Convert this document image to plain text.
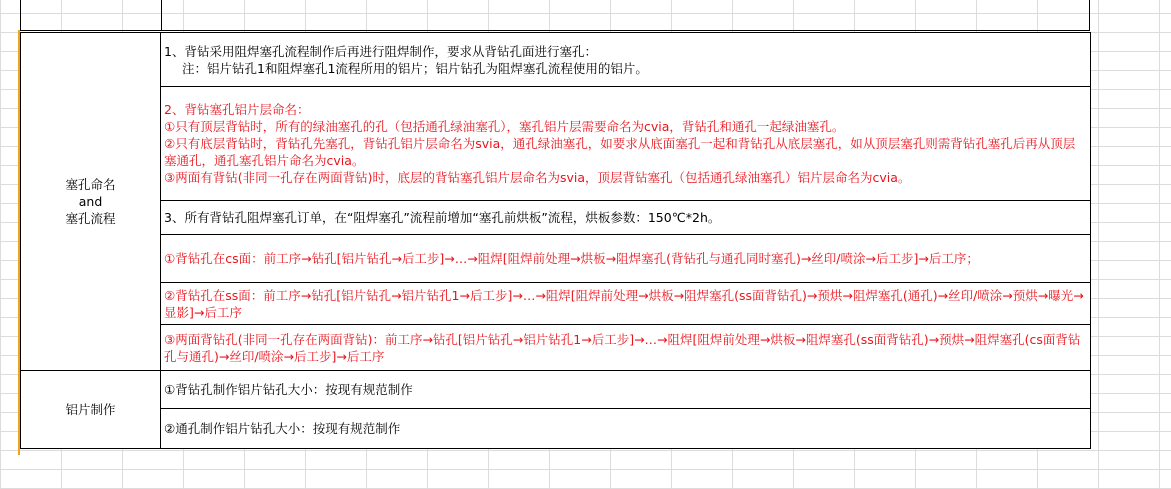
塞孔命名
and
塞孔流程	1、背钻采用阻焊塞孔流程制作后再进行阻焊制作，要求从背钻孔面进行塞孔：
注：铝片钻孔1和阻焊塞孔1流程所用的铝片；铝片钻孔为阻焊塞孔流程使用的铝片。

	2、背钻塞孔铝片层命名：
①只有顶层背钻时，所有的绿油塞孔的孔（包括通孔绿油塞孔），塞孔铝片层需要命名为cvia，背钻孔和通孔一起绿油塞孔。
②只有底层背钻时，背钻孔先塞孔，背钻孔铝片层命名为svia，通孔绿油塞孔，如要求从底面塞孔一起和背钻孔从底层塞孔，如从顶层塞孔则需背钻孔塞孔后再从顶层塞通孔，通孔塞孔铝片命名为cvia。
③两面有背钻(非同一孔存在两面背钻)时，底层的背钻塞孔铝片层命名为svia，顶层背钻塞孔（包括通孔绿油塞孔）铝片层命名为cvia。

	3、所有背钻孔阻焊塞孔订单，在“阻焊塞孔”流程前增加“塞孔前烘板”流程，烘板参数：150℃*2h。

	①背钻孔在cs面：前工序→钻孔[铝片钻孔→后工步]→…→阻焊[阻焊前处理→烘板→阻焊塞孔(背钻孔与通孔同时塞孔)→丝印/喷涂→后工步]→后工序；

	②背钻孔在ss面：前工序→钻孔[铝片钻孔→铝片钻孔1→后工步]→…→阻焊[阻焊前处理→烘板→阻焊塞孔(ss面背钻孔)→预烘→阻焊塞孔(通孔)→丝印/喷涂→预烘→曝光→显影]→后工序

	③两面背钻孔(非同一孔存在两面背钻)：前工序→钻孔[铝片钻孔→铝片钻孔1→后工步]→…→阻焊[阻焊前处理→烘板→阻焊塞孔(ss面背钻孔)→预烘→阻焊塞孔(cs面背钻孔与通孔)→丝印/喷涂→后工步]→后工序

铝片制作	①背钻孔制作铝片钻孔大小：按现有规范制作

	②通孔制作铝片钻孔大小：按现有规范制作
